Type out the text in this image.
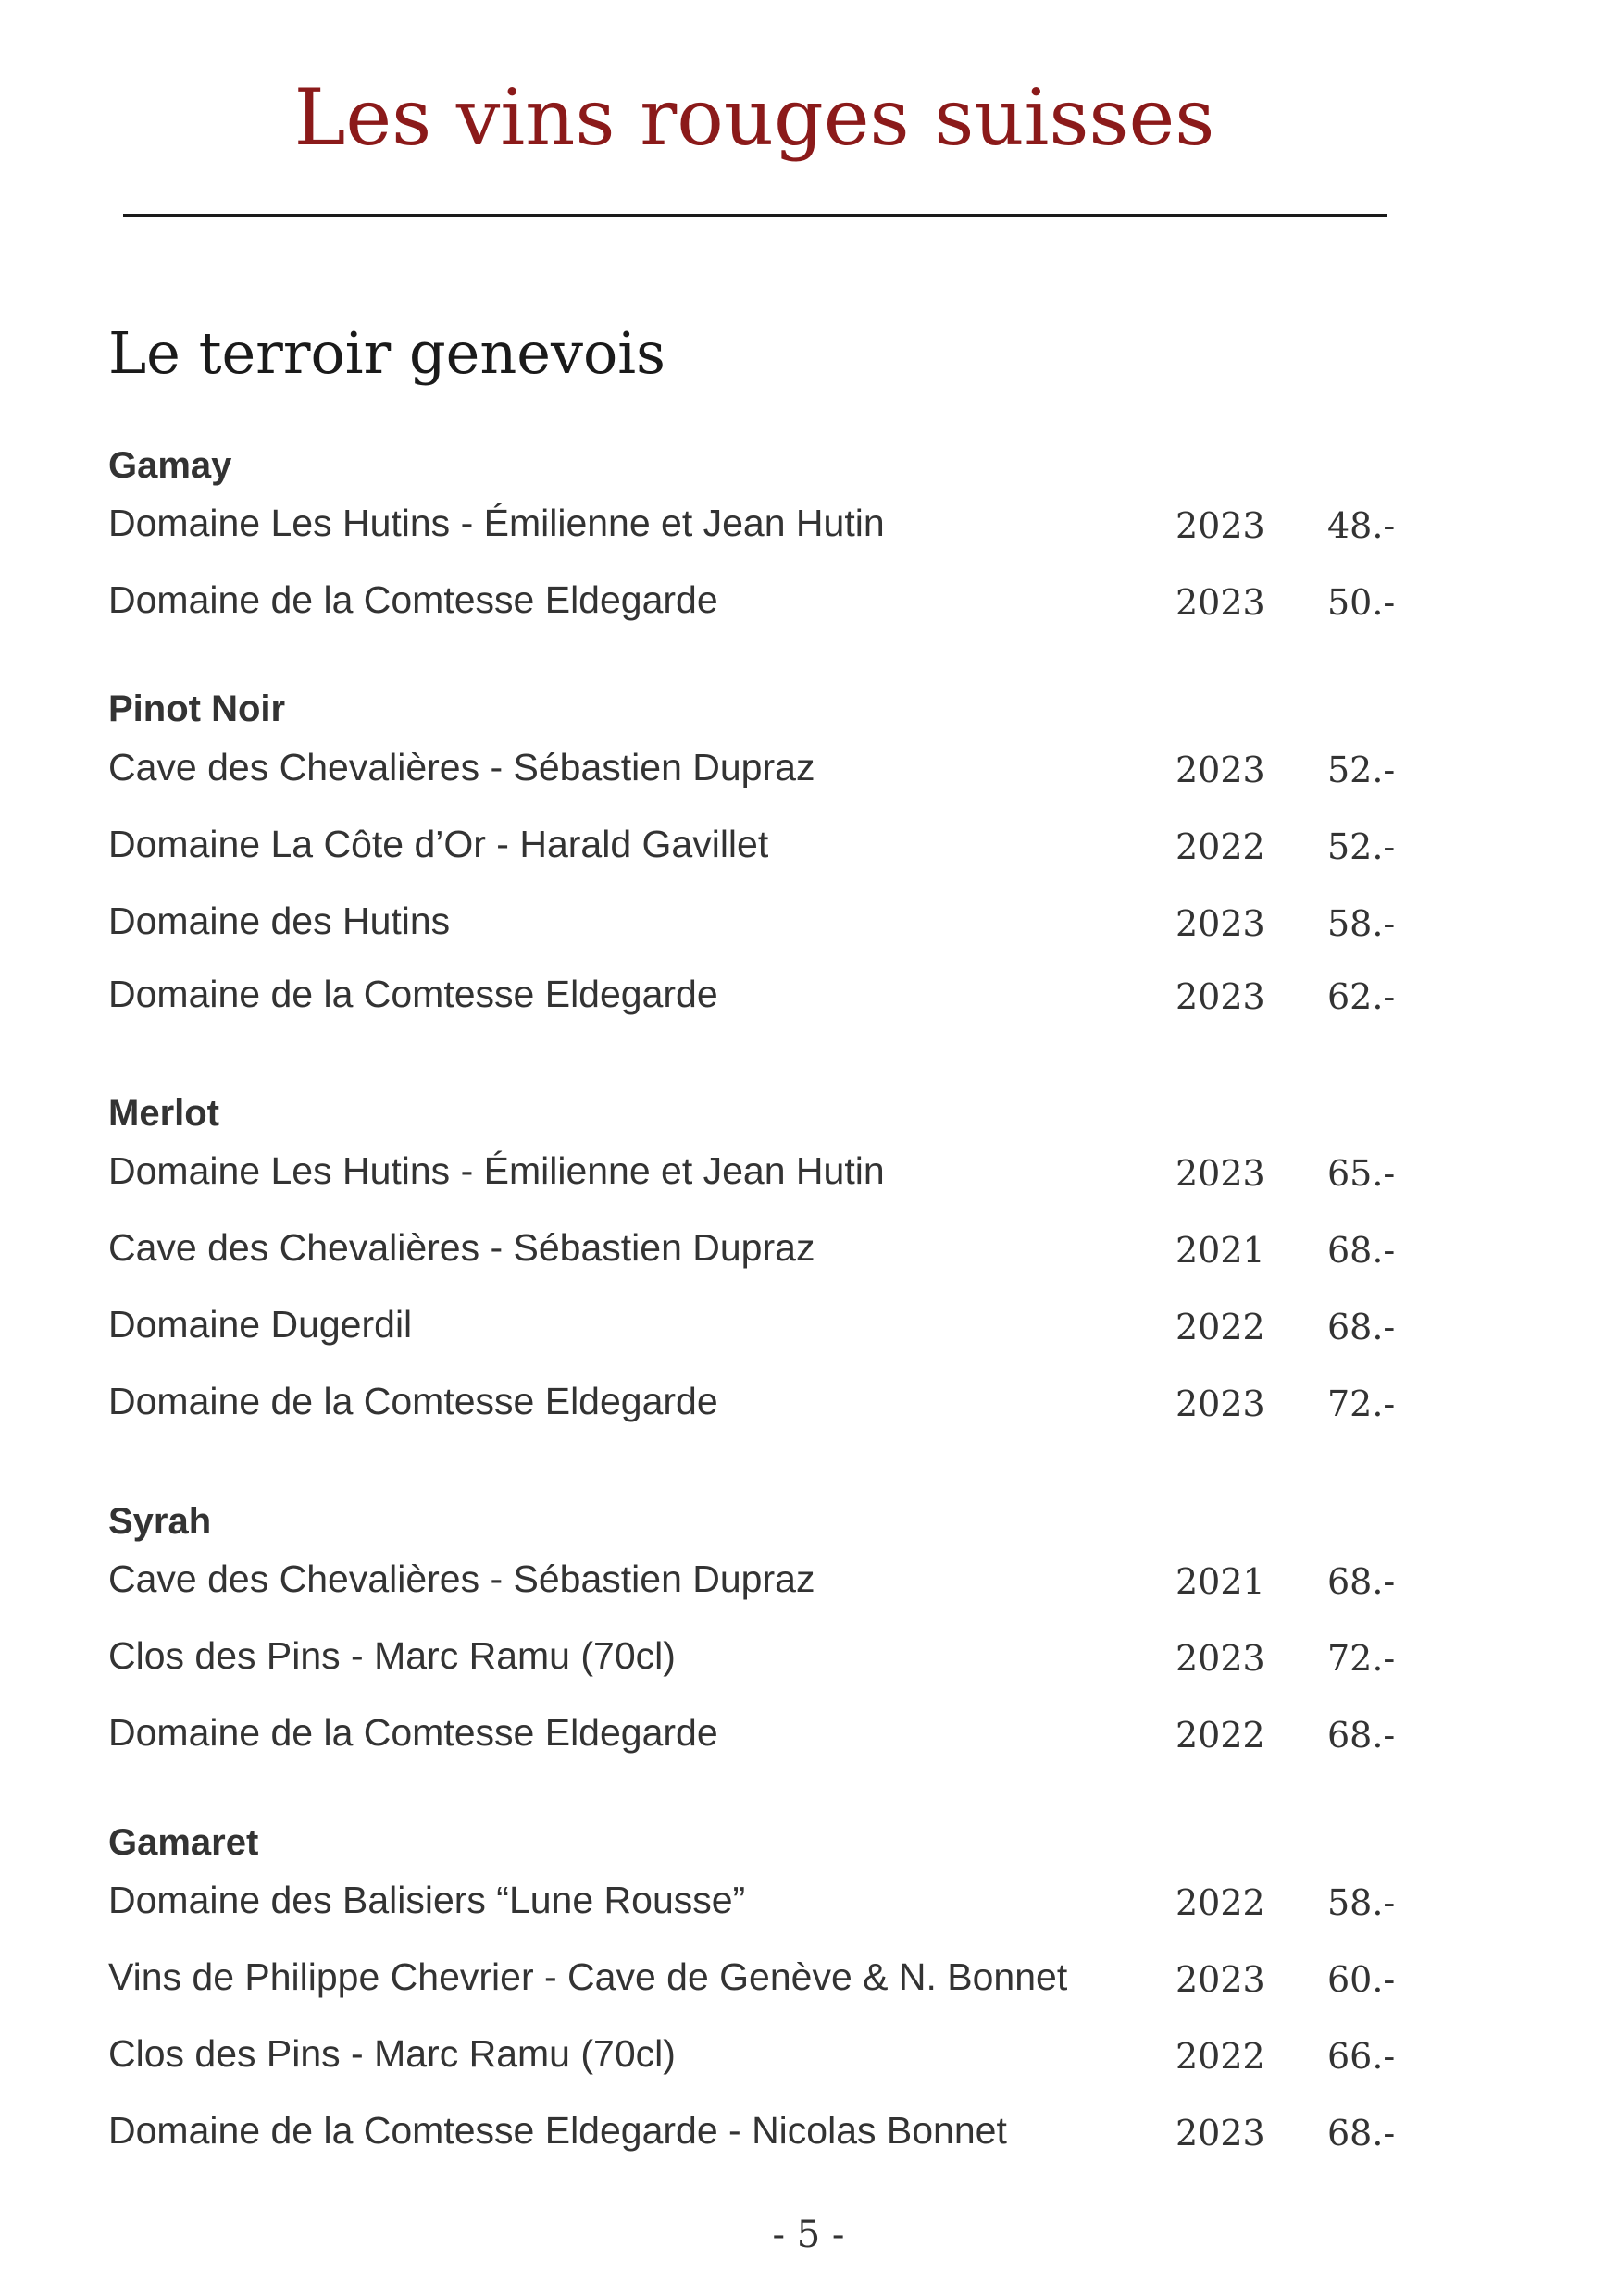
Les vins rouges suisses
Le terroir genevois
Gamay
Domaine Les Hutins - Émilienne et Jean Hutin	2023 48.-
Domaine de la Comtesse Eldegarde	2023 50.-
Pinot Noir
Cave des Chevalières - Sébastien Dupraz	2023 52.-
Domaine La Côte d’Or - Harald Gavillet	2022 52.-
Domaine des Hutins	2023 58.-
Domaine de la Comtesse Eldegarde	2023 62.-
Merlot
Domaine Les Hutins - Émilienne et Jean Hutin	2023 65.-
Cave des Chevalières - Sébastien Dupraz	2021 68.-
Domaine Dugerdil	2022 68.-
Domaine de la Comtesse Eldegarde	2023 72.-
Syrah
Cave des Chevalières - Sébastien Dupraz	2021 68.-
Clos des Pins - Marc Ramu (70cl)	2023 72.-
Domaine de la Comtesse Eldegarde	2022 68.-
Gamaret
Domaine des Balisiers “Lune Rousse”	2022 58.-
Vins de Philippe Chevrier - Cave de Genève & N. Bonnet	2023 60.-
Clos des Pins - Marc Ramu (70cl)	2022 66.-
Domaine de la Comtesse Eldegarde - Nicolas Bonnet	2023 68.-
- 5 -
